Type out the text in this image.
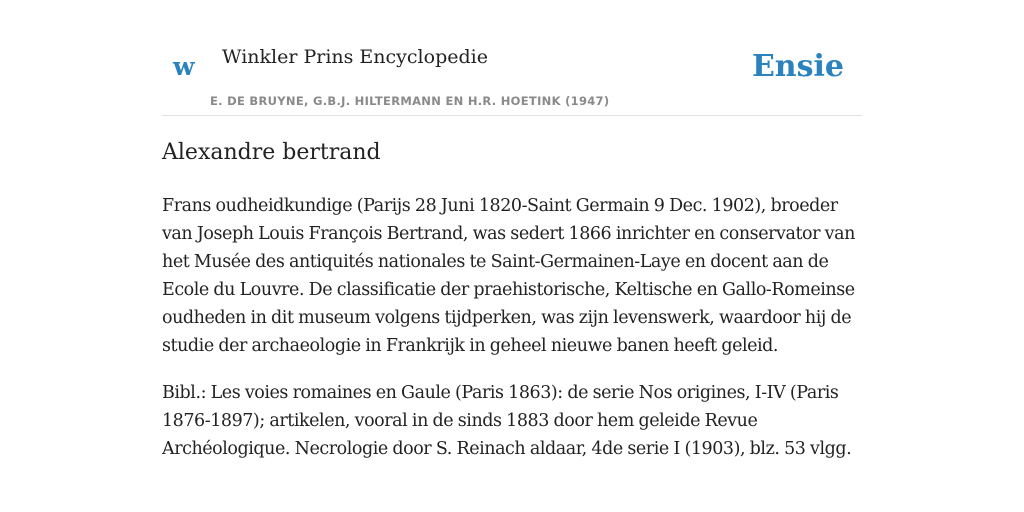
w Winkler Prins Encyclopedie
E. DE BRUYNE, G.B.J. HILTERMANN EN H.R. HOETINK (1947)
Ensie
Alexandre bertrand

Frans oudheidkundige (Parijs 28 Juni 1820-Saint Germain 9 Dec. 1902), broeder van Joseph Louis François Bertrand, was sedert 1866 inrichter en conservator van het Musée des antiquités nationales te Saint-Germainen-Laye en docent aan de Ecole du Louvre. De classificatie der praehistorische, Keltische en Gallo-Romeinse oudheden in dit museum volgens tijdperken, was zijn levenswerk, waardoor hij de studie der archaeologie in Frankrijk in geheel nieuwe banen heeft geleid.

Bibl.: Les voies romaines en Gaule (Paris 1863): de serie Nos origines, I-IV (Paris 1876-1897); artikelen, vooral in de sinds 1883 door hem geleide Revue Archéologique. Necrologie door S. Reinach aldaar, 4de serie I (1903), blz. 53 vlgg.
